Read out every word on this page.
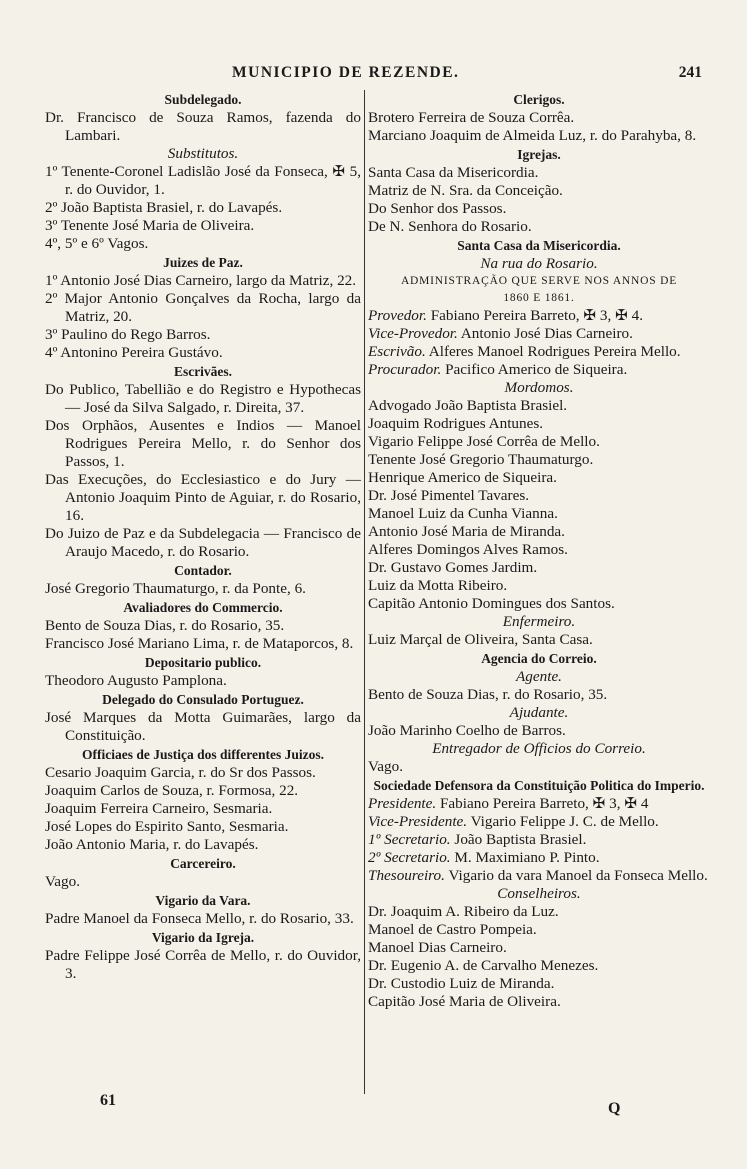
MUNICIPIO DE REZENDE.	241
Subdelegado.
Dr. Francisco de Souza Ramos, fazenda do Lambari.
Substitutos.
1º Tenente-Coronel Ladislão José da Fonseca, ✠ 5, r. do Ouvidor, 1.
2º João Baptista Brasiel, r. do Lavapés.
3º Tenente José Maria de Oliveira.
4º, 5º e 6º Vagos.
Juizes de Paz.
1º Antonio José Dias Carneiro, largo da Matriz, 22.
2º Major Antonio Gonçalves da Rocha, largo da Matriz, 20.
3º Paulino do Rego Barros.
4º Antonino Pereira Gustávo.
Escrivães.
Do Publico, Tabellião e do Registro e Hypothecas — José da Silva Salgado, r. Direita, 37.
Dos Orphãos, Ausentes e Indios — Manoel Rodrigues Pereira Mello, r. do Senhor dos Passos, 1.
Das Execuções, do Ecclesiastico e do Jury — Antonio Joaquim Pinto de Aguiar, r. do Rosario, 16.
Do Juizo de Paz e da Subdelegacia — Francisco de Araujo Macedo, r. do Rosario.
Contador.
José Gregorio Thaumaturgo, r. da Ponte, 6.
Avaliadores do Commercio.
Bento de Souza Dias, r. do Rosario, 35.
Francisco José Mariano Lima, r. de Mataporcos, 8.
Depositario publico.
Theodoro Augusto Pamplona.
Delegado do Consulado Portuguez.
José Marques da Motta Guimarães, largo da Constituição.
Officiaes de Justiça dos differentes Juizos.
Cesario Joaquim Garcia, r. do Sr dos Passos.
Joaquim Carlos de Souza, r. Formosa, 22.
Joaquim Ferreira Carneiro, Sesmaria.
José Lopes do Espirito Santo, Sesmaria.
João Antonio Maria, r. do Lavapés.
Carcereiro.
Vago.
Vigario da Vara.
Padre Manoel da Fonseca Mello, r. do Rosario, 33.
Vigario da Igreja.
Padre Felippe José Corrêa de Mello, r. do Ouvidor, 3.
Clerigos.
Brotero Ferreira de Souza Corrêa.
Marciano Joaquim de Almeida Luz, r. do Parahyba, 8.
Igrejas.
Santa Casa da Misericordia.
Matriz de N. Sra. da Conceição.
Do Senhor dos Passos.
De N. Senhora do Rosario.
Santa Casa da Misericordia.
Na rua do Rosario.
ADMINISTRAÇÃO QUE SERVE NOS ANNOS DE
1860 E 1861.
Provedor. Fabiano Pereira Barreto, ✠ 3, ✠ 4.
Vice-Provedor. Antonio José Dias Carneiro.
Escrivão. Alferes Manoel Rodrigues Pereira Mello.
Procurador. Pacifico Americo de Siqueira.
Mordomos.
Advogado João Baptista Brasiel.
Joaquim Rodrigues Antunes.
Vigario Felippe José Corrêa de Mello.
Tenente José Gregorio Thaumaturgo.
Henrique Americo de Siqueira.
Dr. José Pimentel Tavares.
Manoel Luiz da Cunha Vianna.
Antonio José Maria de Miranda.
Alferes Domingos Alves Ramos.
Dr. Gustavo Gomes Jardim.
Luiz da Motta Ribeiro.
Capitão Antonio Domingues dos Santos.
Enfermeiro.
Luiz Marçal de Oliveira, Santa Casa.
Agencia do Correio.
Agente.
Bento de Souza Dias, r. do Rosario, 35.
Ajudante.
João Marinho Coelho de Barros.
Entregador de Officios do Correio.
Vago.
Sociedade Defensora da Constituição Politica do Imperio.
Presidente. Fabiano Pereira Barreto, ✠ 3, ✠ 4
Vice-Presidente. Vigario Felippe J. C. de Mello.
1º Secretario. João Baptista Brasiel.
2º Secretario. M. Maximiano P. Pinto.
Thesoureiro. Vigario da vara Manoel da Fonseca Mello.
Conselheiros.
Dr. Joaquim A. Ribeiro da Luz.
Manoel de Castro Pompeia.
Manoel Dias Carneiro.
Dr. Eugenio A. de Carvalho Menezes.
Dr. Custodio Luiz de Miranda.
Capitão José Maria de Oliveira.
61	Q
